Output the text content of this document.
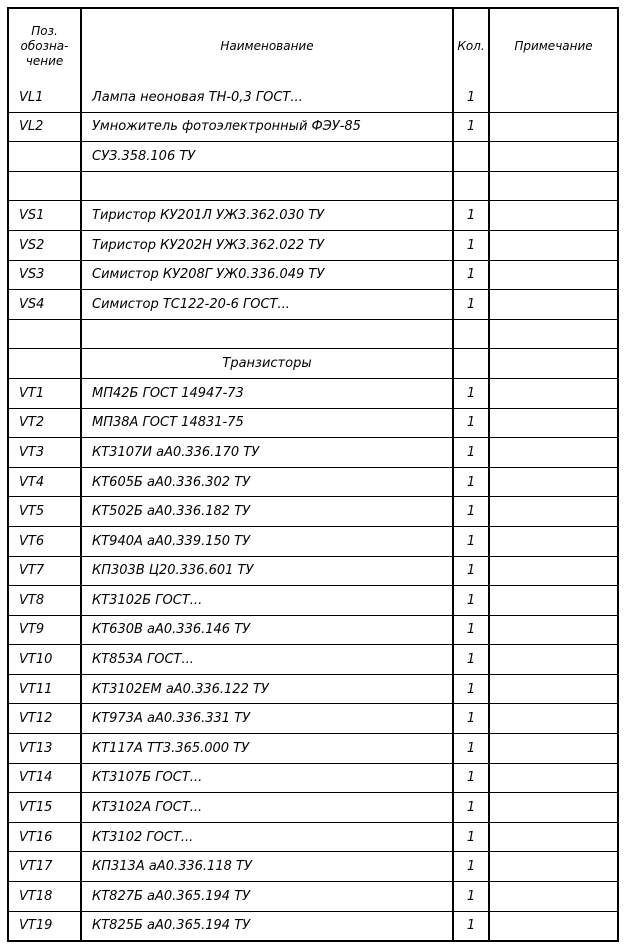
Поз.
обозна-
чение	Наименование	Кол.	Примечание
VL1	Лампа неоновая ТН-0,3 ГОСТ...	1	
VL2	Умножитель фотоэлектронный ФЭУ-85	1	
	СУЗ.358.106 ТУ		

VS1	Тиристор КУ201Л УЖ3.362.030 ТУ	1	
VS2	Тиристор КУ202Н УЖ3.362.022 ТУ	1	
VS3	Симистор КУ208Г УЖ0.336.049 ТУ	1	
VS4	Симистор ТС122-20-6 ГОСТ...	1	

	Транзисторы		
VT1	МП42Б ГОСТ 14947-73	1	
VT2	МП38А ГОСТ 14831-75	1	
VT3	КТ3107И аА0.336.170 ТУ	1	
VT4	КТ605Б аА0.336.302 ТУ	1	
VT5	КТ502Б аА0.336.182 ТУ	1	
VT6	КТ940А аА0.339.150 ТУ	1	
VT7	КП303В Ц20.336.601 ТУ	1	
VT8	КТ3102Б ГОСТ...	1	
VT9	КТ630В аА0.336.146 ТУ	1	
VT10	КТ853А ГОСТ...	1	
VT11	КТ3102ЕМ аА0.336.122 ТУ	1	
VT12	КТ973А аА0.336.331 ТУ	1	
VT13	КТ117А ТТ3.365.000 ТУ	1	
VT14	КТ3107Б ГОСТ...	1	
VT15	КТ3102А ГОСТ...	1	
VT16	КТ3102 ГОСТ...	1	
VT17	КП313А аА0.336.118 ТУ	1	
VT18	КТ827Б аА0.365.194 ТУ	1	
VT19	КТ825Б аА0.365.194 ТУ	1	
